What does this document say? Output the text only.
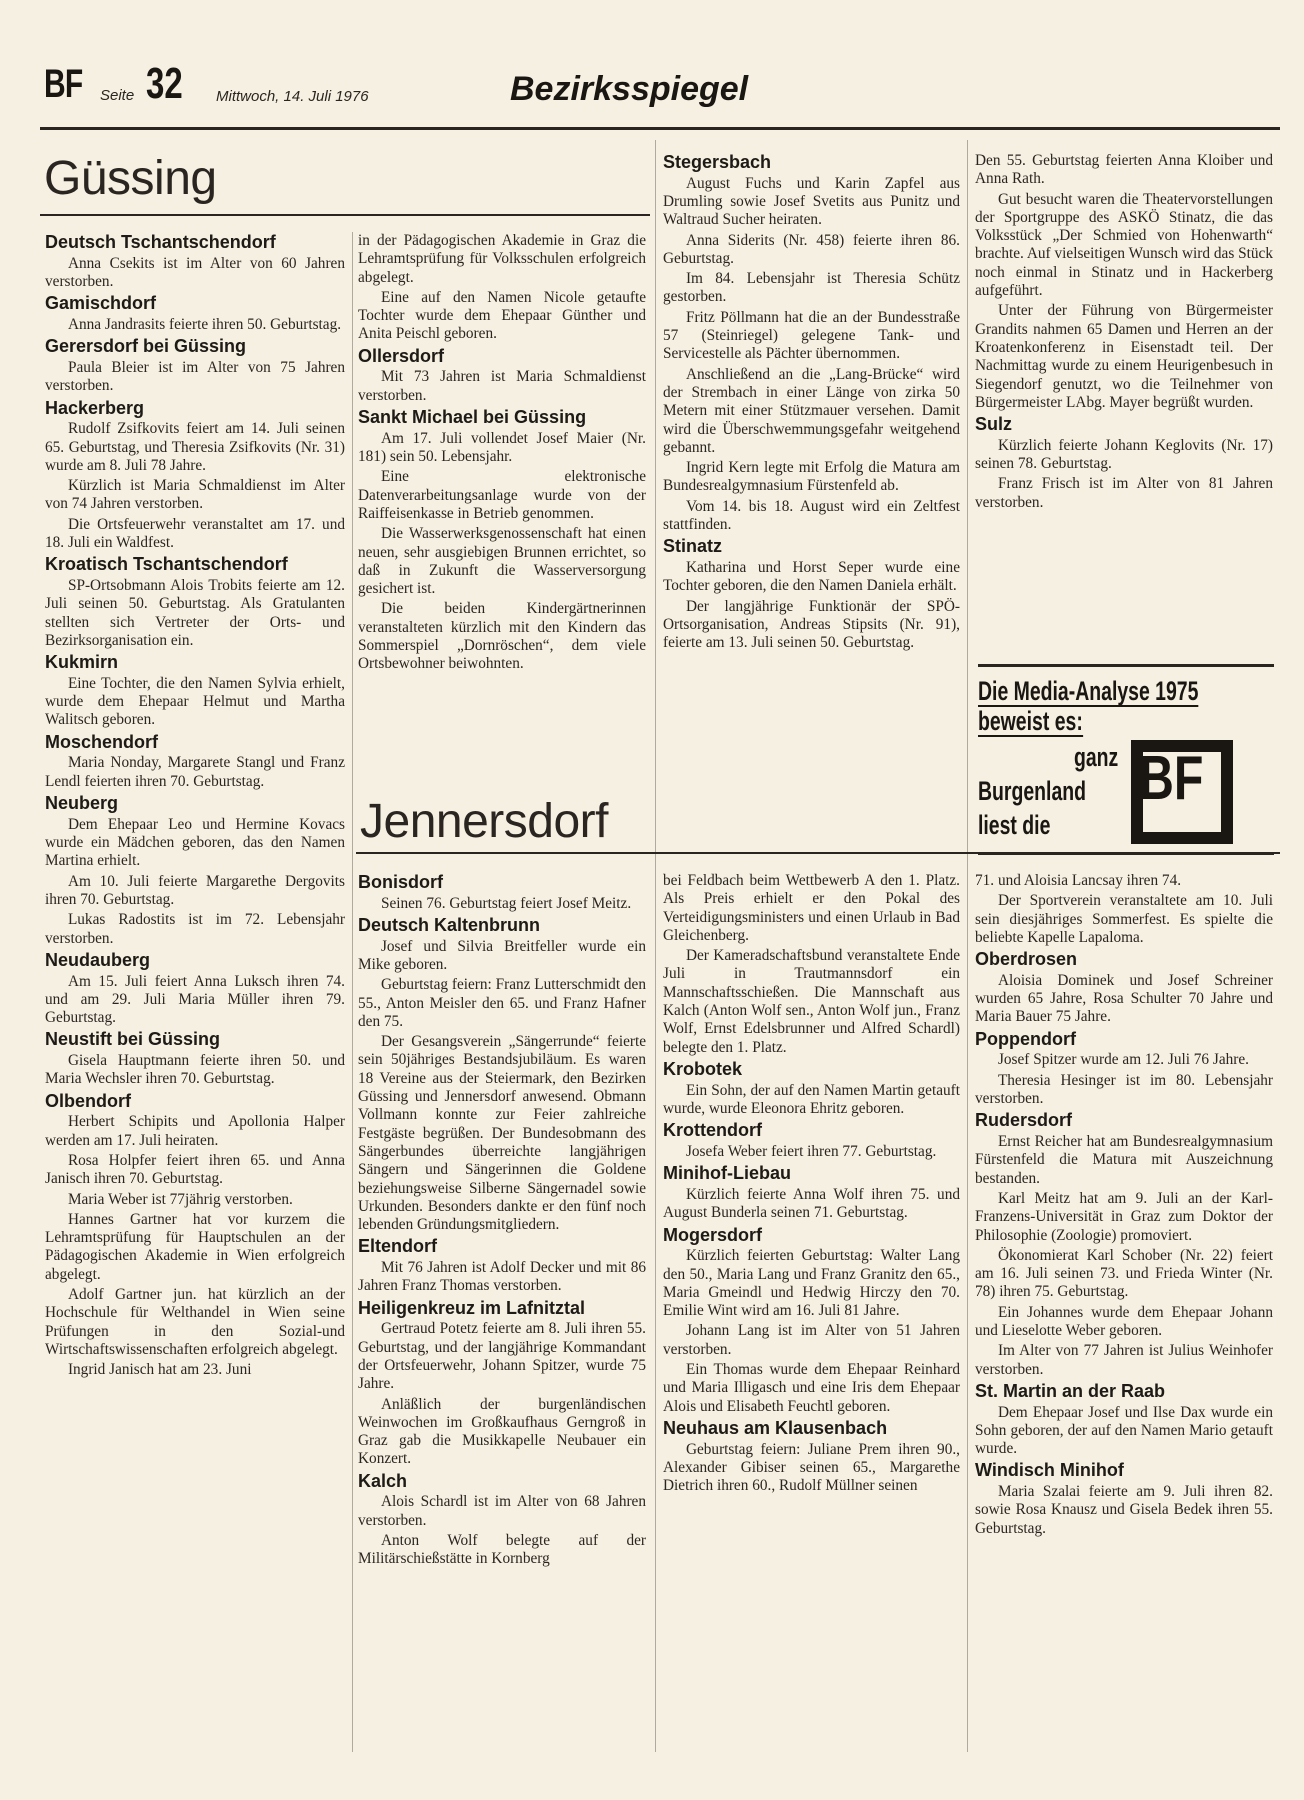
BF Seite 32 Mittwoch, 14. Juli 1976	Bezirksspiegel
Güssing
Jennersdorf
Deutsch Tschantschendorf

Anna Csekits ist im Alter von 60 Jahren verstorben.

Gamischdorf

Anna Jandrasits feierte ihren 50. Geburtstag.

Gerersdorf bei Güssing

Paula Bleier ist im Alter von 75 Jahren verstorben.

Hackerberg

Rudolf Zsifkovits feiert am 14. Juli seinen 65. Geburtstag, und Theresia Zsifkovits (Nr. 31) wurde am 8. Juli 78 Jahre.

Kürzlich ist Maria Schmaldienst im Alter von 74 Jahren verstorben.

Die Ortsfeuerwehr veranstaltet am 17. und 18. Juli ein Waldfest.

Kroatisch Tschantschendorf

SP-Ortsobmann Alois Trobits feierte am 12. Juli seinen 50. Geburtstag. Als Gratulanten stellten sich Vertreter der Orts- und Bezirksorganisation ein.

Kukmirn

Eine Tochter, die den Namen Sylvia erhielt, wurde dem Ehepaar Helmut und Martha Walitsch geboren.

Moschendorf

Maria Nonday, Margarete Stangl und Franz Lendl feierten ihren 70. Geburtstag.

Neuberg

Dem Ehepaar Leo und Hermine Kovacs wurde ein Mädchen geboren, das den Namen Martina erhielt.

Am 10. Juli feierte Margarethe Dergovits ihren 70. Geburtstag.

Lukas Radostits ist im 72. Lebensjahr verstorben.

Neudauberg

Am 15. Juli feiert Anna Luksch ihren 74. und am 29. Juli Maria Müller ihren 79. Geburtstag.

Neustift bei Güssing

Gisela Hauptmann feierte ihren 50. und Maria Wechsler ihren 70. Geburtstag.

Olbendorf

Herbert Schipits und Apollonia Halper werden am 17. Juli heiraten.

Rosa Holpfer feiert ihren 65. und Anna Janisch ihren 70. Geburtstag.

Maria Weber ist 77jährig verstorben.

Hannes Gartner hat vor kurzem die Lehramtsprüfung für Hauptschulen an der Pädagogischen Akademie in Wien erfolgreich abgelegt.

Adolf Gartner jun. hat kürzlich an der Hochschule für Welthandel in Wien seine Prüfungen in den Sozial-und Wirtschaftswissenschaften erfolgreich abgelegt.

Ingrid Janisch hat am 23. Juni

in der Pädagogischen Akademie in Graz die Lehramtsprüfung für Volksschulen erfolgreich abgelegt.

Eine auf den Namen Nicole getaufte Tochter wurde dem Ehepaar Günther und Anita Peischl geboren.

Ollersdorf

Mit 73 Jahren ist Maria Schmaldienst verstorben.

Sankt Michael bei Güssing

Am 17. Juli vollendet Josef Maier (Nr. 181) sein 50. Lebensjahr.

Eine elektronische Datenverarbeitungsanlage wurde von der Raiffeisenkasse in Betrieb genommen.

Die Wasserwerksgenossenschaft hat einen neuen, sehr ausgiebigen Brunnen errichtet, so daß in Zukunft die Wasserversorgung gesichert ist.

Die beiden Kindergärtnerinnen veranstalteten kürzlich mit den Kindern das Sommerspiel „Dornröschen“, dem viele Ortsbewohner beiwohnten.

Stegersbach

August Fuchs und Karin Zapfel aus Drumling sowie Josef Svetits aus Punitz und Waltraud Sucher heiraten.

Anna Siderits (Nr. 458) feierte ihren 86. Geburtstag.

Im 84. Lebensjahr ist Theresia Schütz gestorben.

Fritz Pöllmann hat die an der Bundesstraße 57 (Steinriegel) gelegene Tank- und Servicestelle als Pächter übernommen.

Anschließend an die „Lang-Brücke“ wird der Strembach in einer Länge von zirka 50 Metern mit einer Stützmauer versehen. Damit wird die Überschwemmungsgefahr weitgehend gebannt.

Ingrid Kern legte mit Erfolg die Matura am Bundesrealgymnasium Fürstenfeld ab.

Vom 14. bis 18. August wird ein Zeltfest stattfinden.

Stinatz

Katharina und Horst Seper wurde eine Tochter geboren, die den Namen Daniela erhält.

Der langjährige Funktionär der SPÖ-Ortsorganisation, Andreas Stipsits (Nr. 91), feierte am 13. Juli seinen 50. Geburtstag.

Den 55. Geburtstag feierten Anna Kloiber und Anna Rath.

Gut besucht waren die Theatervorstellungen der Sportgruppe des ASKÖ Stinatz, die das Volksstück „Der Schmied von Hohenwarth“ brachte. Auf vielseitigen Wunsch wird das Stück noch einmal in Stinatz und in Hackerberg aufgeführt.

Unter der Führung von Bürgermeister Grandits nahmen 65 Damen und Herren an der Kroatenkonferenz in Eisenstadt teil. Der Nachmittag wurde zu einem Heurigenbesuch in Siegendorf genutzt, wo die Teilnehmer von Bürgermeister LAbg. Mayer begrüßt wurden.

Sulz

Kürzlich feierte Johann Keglovits (Nr. 17) seinen 78. Geburtstag.

Franz Frisch ist im Alter von 81 Jahren verstorben.

Bonisdorf

Seinen 76. Geburtstag feiert Josef Meitz.

Deutsch Kaltenbrunn

Josef und Silvia Breitfeller wurde ein Mike geboren.

Geburtstag feiern: Franz Lutterschmidt den 55., Anton Meisler den 65. und Franz Hafner den 75.

Der Gesangsverein „Sängerrunde“ feierte sein 50jähriges Bestandsjubiläum. Es waren 18 Vereine aus der Steiermark, den Bezirken Güssing und Jennersdorf anwesend. Obmann Vollmann konnte zur Feier zahlreiche Festgäste begrüßen. Der Bundesobmann des Sängerbundes überreichte langjährigen Sängern und Sängerinnen die Goldene beziehungsweise Silberne Sängernadel sowie Urkunden. Besonders dankte er den fünf noch lebenden Gründungsmitgliedern.

Eltendorf

Mit 76 Jahren ist Adolf Decker und mit 86 Jahren Franz Thomas verstorben.

Heiligenkreuz im Lafnitztal

Gertraud Potetz feierte am 8. Juli ihren 55. Geburtstag, und der langjährige Kommandant der Ortsfeuerwehr, Johann Spitzer, wurde 75 Jahre.

Anläßlich der burgenländischen Weinwochen im Großkaufhaus Gerngroß in Graz gab die Musikkapelle Neubauer ein Konzert.

Kalch

Alois Schardl ist im Alter von 68 Jahren verstorben.

Anton Wolf belegte auf der Militärschießstätte in Kornberg

bei Feldbach beim Wettbewerb A den 1. Platz. Als Preis erhielt er den Pokal des Verteidigungsministers und einen Urlaub in Bad Gleichenberg.

Der Kameradschaftsbund veranstaltete Ende Juli in Trautmannsdorf ein Mannschaftsschießen. Die Mannschaft aus Kalch (Anton Wolf sen., Anton Wolf jun., Franz Wolf, Ernst Edelsbrunner und Alfred Schardl) belegte den 1. Platz.

Krobotek

Ein Sohn, der auf den Namen Martin getauft wurde, wurde Eleonora Ehritz geboren.

Krottendorf

Josefa Weber feiert ihren 77. Geburtstag.

Minihof-Liebau

Kürzlich feierte Anna Wolf ihren 75. und August Bunderla seinen 71. Geburtstag.

Mogersdorf

Kürzlich feierten Geburtstag: Walter Lang den 50., Maria Lang und Franz Granitz den 65., Maria Gmeindl und Hedwig Hirczy den 70. Emilie Wint wird am 16. Juli 81 Jahre.

Johann Lang ist im Alter von 51 Jahren verstorben.

Ein Thomas wurde dem Ehepaar Reinhard und Maria Illigasch und eine Iris dem Ehepaar Alois und Elisabeth Feuchtl geboren.

Neuhaus am Klausenbach

Geburtstag feiern: Juliane Prem ihren 90., Alexander Gibiser seinen 65., Margarethe Dietrich ihren 60., Rudolf Müllner seinen

71. und Aloisia Lancsay ihren 74.

Der Sportverein veranstaltete am 10. Juli sein diesjähriges Sommerfest. Es spielte die beliebte Kapelle Lapaloma.

Oberdrosen

Aloisia Dominek und Josef Schreiner wurden 65 Jahre, Rosa Schulter 70 Jahre und Maria Bauer 75 Jahre.

Poppendorf

Josef Spitzer wurde am 12. Juli 76 Jahre.

Theresia Hesinger ist im 80. Lebensjahr verstorben.

Rudersdorf

Ernst Reicher hat am Bundesrealgymnasium Fürstenfeld die Matura mit Auszeichnung bestanden.

Karl Meitz hat am 9. Juli an der Karl-Franzens-Universität in Graz zum Doktor der Philosophie (Zoologie) promoviert.

Ökonomierat Karl Schober (Nr. 22) feiert am 16. Juli seinen 73. und Frieda Winter (Nr. 78) ihren 75. Geburtstag.

Ein Johannes wurde dem Ehepaar Johann und Lieselotte Weber geboren.

Im Alter von 77 Jahren ist Julius Weinhofer verstorben.

St. Martin an der Raab

Dem Ehepaar Josef und Ilse Dax wurde ein Sohn geboren, der auf den Namen Mario getauft wurde.

Windisch Minihof

Maria Szalai feierte am 9. Juli ihren 82. sowie Rosa Knausz und Gisela Bedek ihren 55. Geburtstag.

Die Media-Analyse 1975
beweist es:
ganz
Burgenland
liest die
BF
